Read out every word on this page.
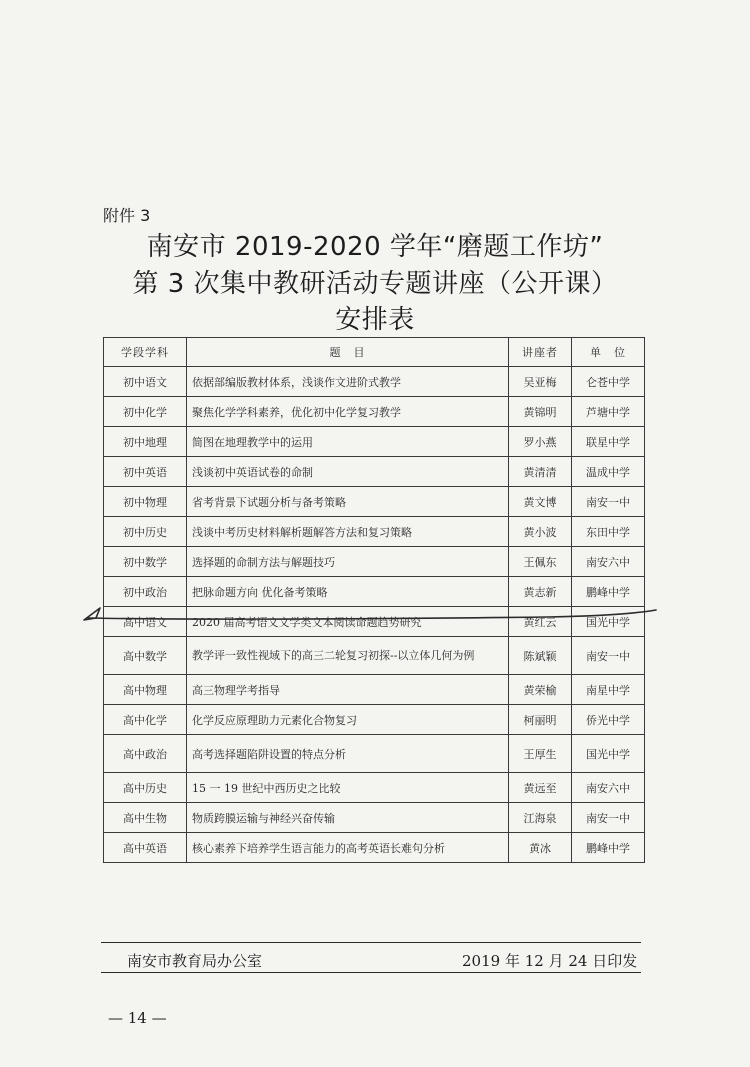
附件 3
南安市 2019-2020 学年“磨题工作坊”
第 3 次集中教研活动专题讲座（公开课）
安排表
学段学科	题　目	讲座者	单　位
初中语文	依据部编版教材体系，浅谈作文进阶式教学	吴亚梅	仑苍中学
初中化学	聚焦化学学科素养，优化初中化学复习教学	黄锦明	芦塘中学
初中地理	简图在地理教学中的运用	罗小燕	联星中学
初中英语	浅谈初中英语试卷的命制	黄清清	温成中学
初中物理	省考背景下试题分析与备考策略	黄文博	南安一中
初中历史	浅谈中考历史材料解析题解答方法和复习策略	黄小波	东田中学
初中数学	选择题的命制方法与解题技巧	王佩东	南安六中
初中政治	把脉命题方向 优化备考策略	黄志新	鹏峰中学
高中语文	2020 届高考语文文学类文本阅读命题趋势研究	黄红云	国光中学
高中数学	教学评一致性视域下的高三二轮复习初探--以立体几何为例	陈斌颖	南安一中
高中物理	高三物理学考指导	黄荣榆	南星中学
高中化学	化学反应原理助力元素化合物复习	柯丽明	侨光中学
高中政治	高考选择题陷阱设置的特点分析	王厚生	国光中学
高中历史	15 一 19 世纪中西历史之比较	黄远至	南安六中
高中生物	物质跨膜运输与神经兴奋传输	江海泉	南安一中
高中英语	核心素养下培养学生语言能力的高考英语长难句分析	黄冰	鹏峰中学
南安市教育局办公室	2019 年 12 月 24 日印发
— 14 —
